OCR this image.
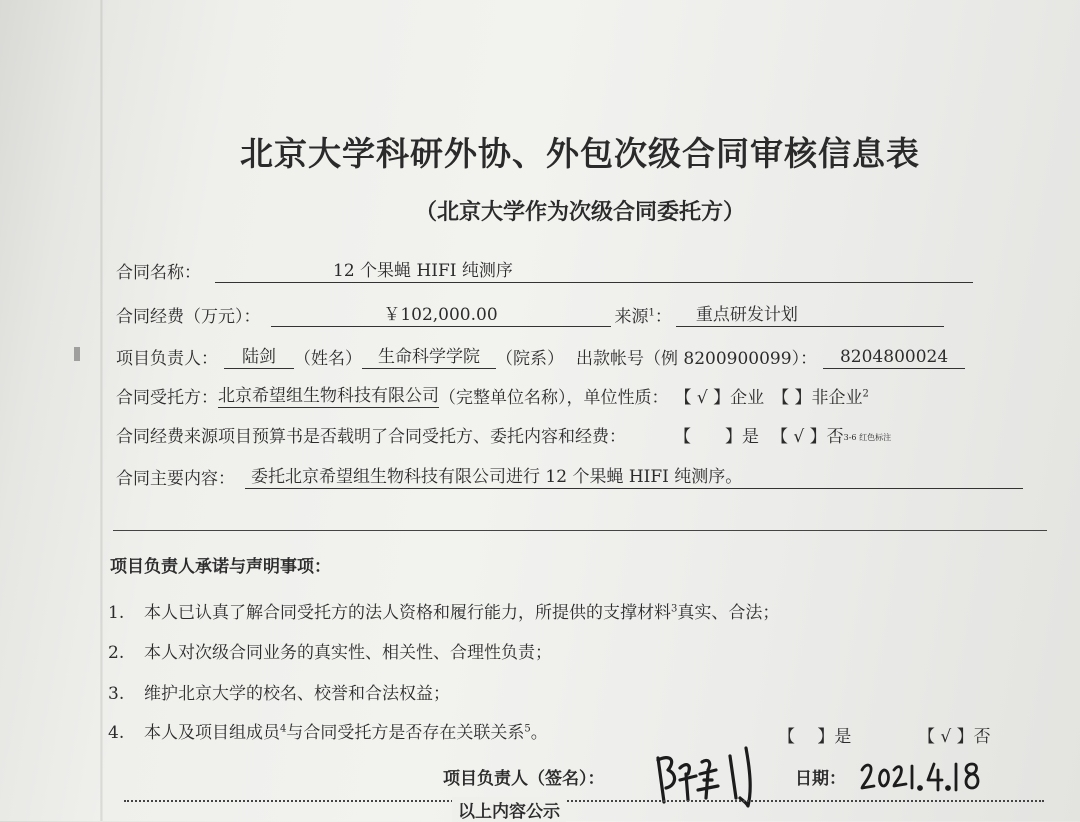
北京大学科研外协、外包次级合同审核信息表
（北京大学作为次级合同委托方）
合同名称：	12 个果蝇 HIFI 纯测序
合同经费（万元）：	￥102,000.00	来源$^1$：	重点研发计划
项目负责人：	陆剑	（姓名） 生命科学学院 （院系） 出款帐号（例 8200900099）：	8204800024
合同受托方： 北京希望组生物科技有限公司 （完整单位名称），单位性质： 【 √ 】企业 【 】非企业$^2$
合同经费来源项目预算书是否载明了合同受托方、委托内容和经费：	【　　】是 【 √ 】否 3-6 红色标注
合同主要内容： 委托北京希望组生物科技有限公司进行 12 个果蝇 HIFI 纯测序。
项目负责人承诺与声明事项：
1. 本人已认真了解合同受托方的法人资格和履行能力，所提供的支撑材料$^3$真实、合法；
2. 本人对次级合同业务的真实性、相关性、合理性负责；
3. 维护北京大学的校名、校誉和合法权益；
4. 本人及项目组成员$^4$与合同受托方是否存在关联关系$^5$。	【　 】是	【 √ 】否
项目负责人（签名）：	日期：
以上内容公示
